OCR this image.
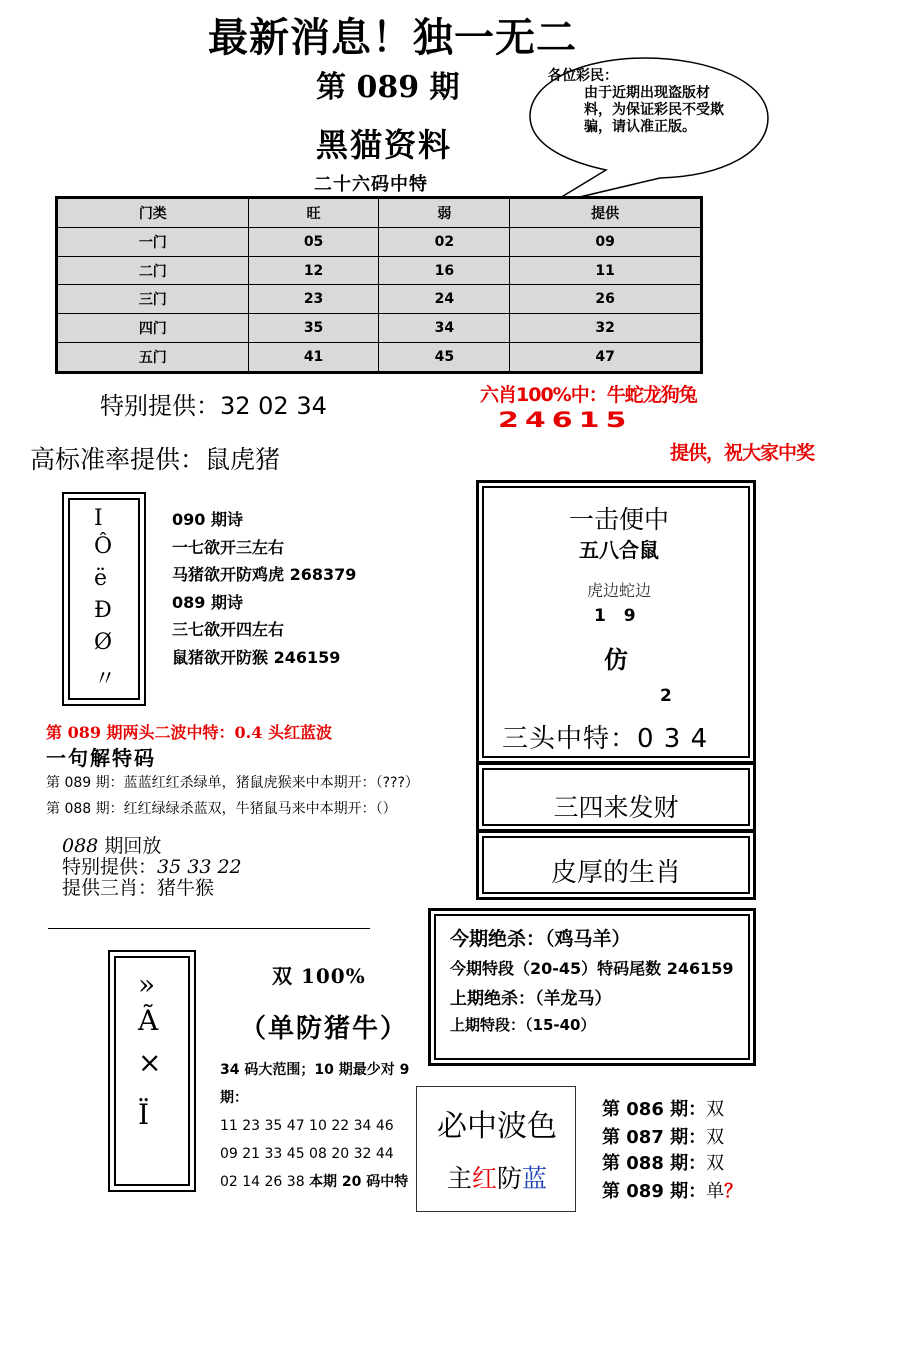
最新消息！独一无二
第 089 期
黑猫资料
二十六码中特
各位彩民：
由于近期出现盗版材料，为保证彩民不受欺骗，请认准正版。
门类	旺	弱	提供
一门	05	02	09
二门	12	16	11
三门	23	24	26
四门	35	34	32
五门	41	45	47
特别提供：32 02 34	六肖100%中：牛蛇龙狗兔
24615
提供，祝大家中奖
高标准率提供：鼠虎猪
Ι
Ô
ë
Ð
Ø
〃
090 期诗
一七欲开三左右
马猪欲开防鸡虎 268379
089 期诗
三七欲开四左右
鼠猪欲开防猴 246159
第 089 期两头二波中特：0.4 头红蓝波
一句解特码
第 089 期：蓝蓝红红杀绿单，猪鼠虎猴来中本期开：（???）
第 088 期：红红绿绿杀蓝双，牛猪鼠马来中本期开：（）
088 期回放
特别提供：35 33 22
提供三肖：猪牛猴
一击便中
五八合鼠
虎边蛇边
1 9
仿
2
三头中特：0 3 4
三四来发财
皮厚的生肖
今期绝杀：（鸡马羊）
今期特段（20-45）特码尾数 246159
上期绝杀：（羊龙马）
上期特段：（15-40）
»
Ã
×
Ï
双 100%
（单防猪牛）
34 码大范围；10 期最少对 9 期：
11 23 35 47 10 22 34 46
09 21 33 45 08 20 32 44
02 14 26 38 本期 20 码中特
必中波色
主红防蓝
第 086 期：双
第 087 期：双
第 088 期：双
第 089 期：单？
